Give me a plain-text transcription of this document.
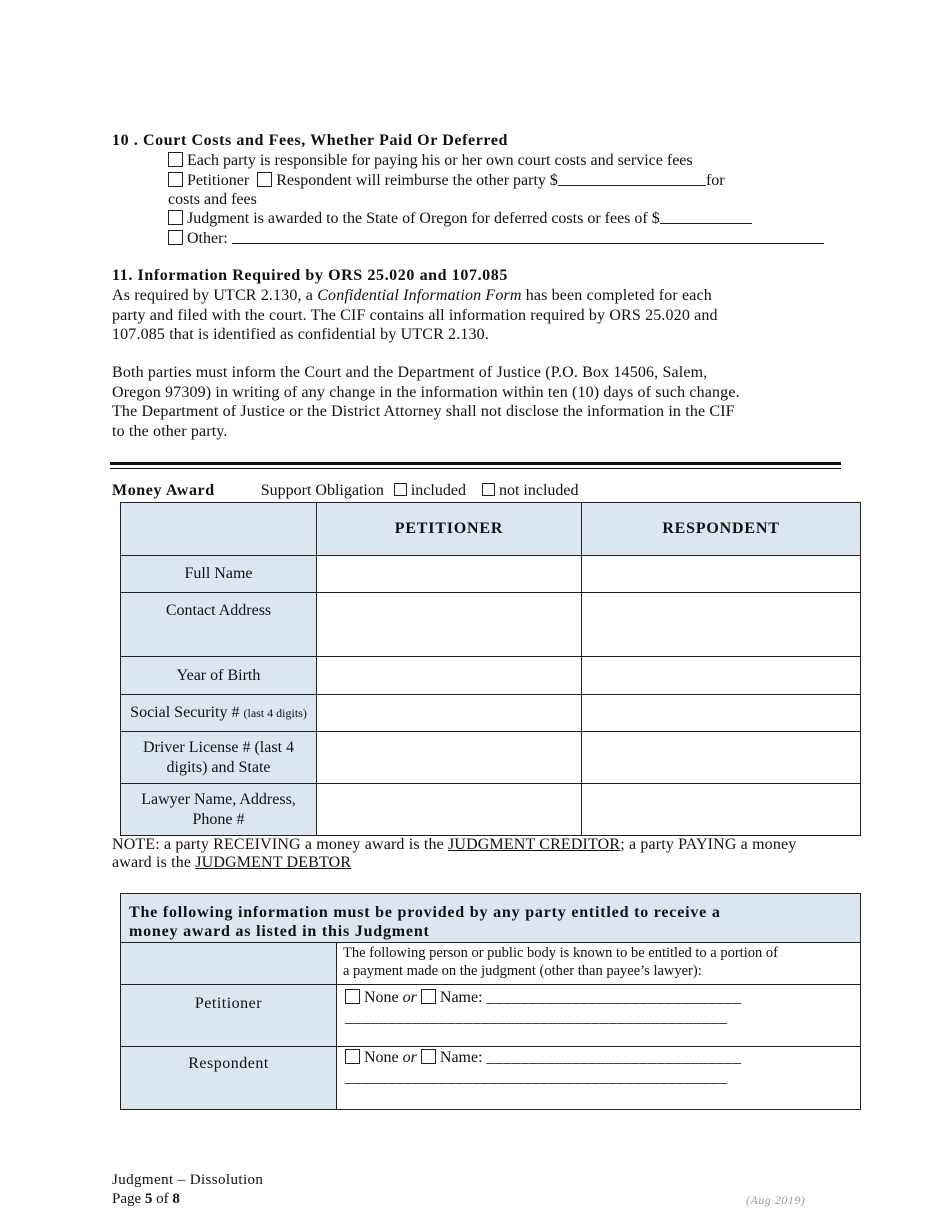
10 . Court Costs and Fees, Whether Paid Or Deferred
Each party is responsible for paying his or her own court costs and service fees
Petitioner Respondent will reimburse the other party $	for
costs and fees
Judgment is awarded to the State of Oregon for deferred costs or fees of $
Other:
11. Information Required by ORS 25.020 and 107.085
As required by UTCR 2.130, a Confidential Information Form has been completed for each
party and filed with the court. The CIF contains all information required by ORS 25.020 and
107.085 that is identified as confidential by UTCR 2.130.
Both parties must inform the Court and the Department of Justice (P.O. Box 14506, Salem,
Oregon 97309) in writing of any change in the information within ten (10) days of such change.
The Department of Justice or the District Attorney shall not disclose the information in the CIF
to the other party.
Money Award	Support Obligation included not included
	PETITIONER	RESPONDENT
Full Name		
Contact Address		
Year of Birth		
Social Security # (last 4 digits)		

Driver License # (last 4
digits) and State		

Lawyer Name, Address,
Phone #		

NOTE: a party RECEIVING a money award is the JUDGMENT CREDITOR; a party PAYING a money
award is the JUDGMENT DEBTOR
The following information must be provided by any party entitled to receive a
money award as listed in this Judgment	

	The following person or public body is known to be entitled to a portion of
a payment made on the judgment (other than payee’s lawyer):

Petitioner	None or Name: ______________________________
_____________________________________________

Respondent	None or Name: ______________________________
_____________________________________________
Judgment – Dissolution
Page 5 of 8	(Aug 2019)
